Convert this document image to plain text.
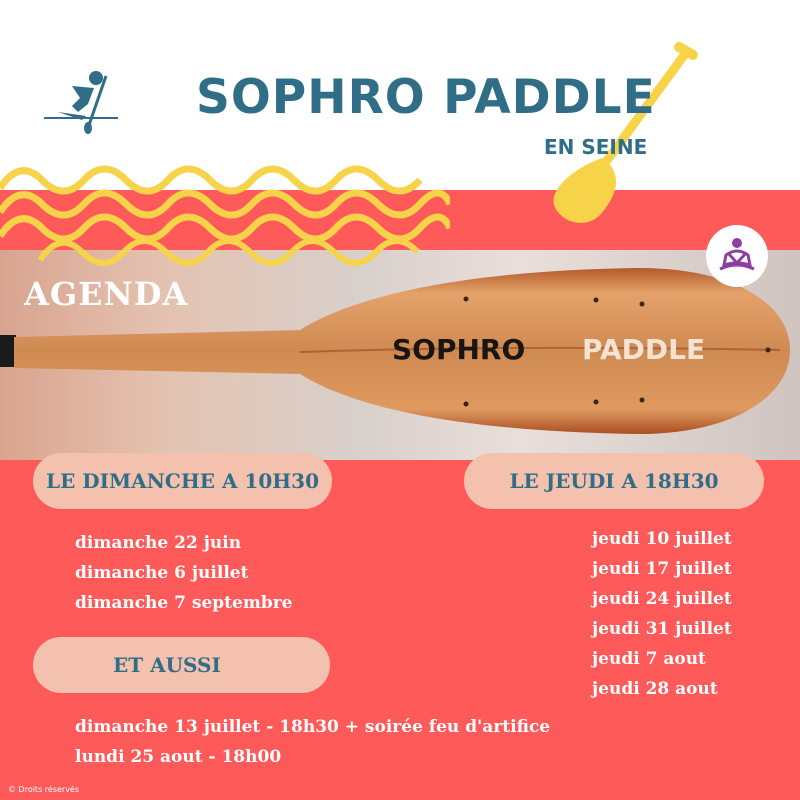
SOPHRO PADDLE
EN SEINE
AGENDA
SOPHRO PADDLE
LE DIMANCHE A 10H30	LE JEUDI A 18H30
ET AUSSI
dimanche 22 juin
dimanche 6 juillet
dimanche 7 septembre
jeudi 10 juillet
jeudi 17 juillet
jeudi 24 juillet
jeudi 31 juillet
jeudi 7 aout
jeudi 28 aout
dimanche 13 juillet - 18h30 + soirée feu d'artifice
lundi 25 aout - 18h00
© Droits réservés
